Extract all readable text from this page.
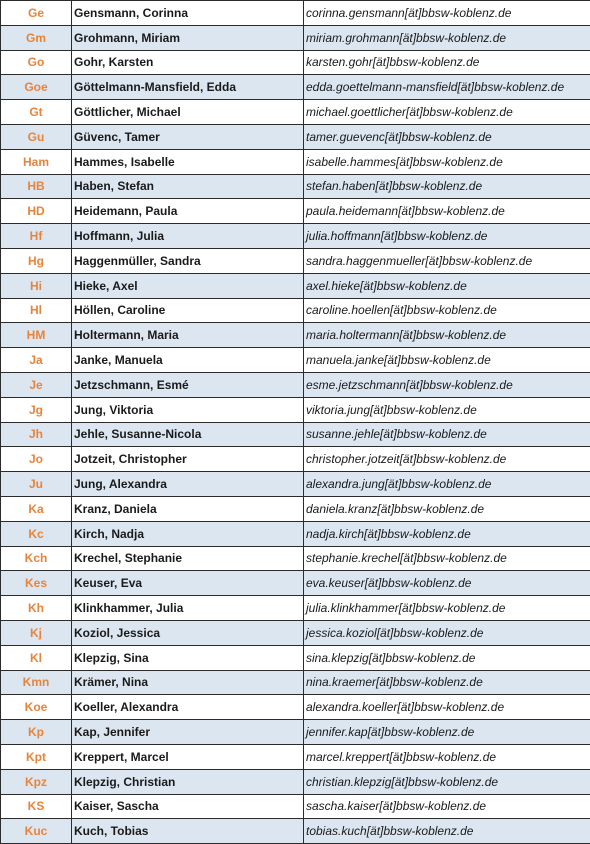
Ge	Gensmann, Corinna	corinna.gensmann[ät]bbsw-koblenz.de
Gm	Grohmann, Miriam	miriam.grohmann[ät]bbsw-koblenz.de
Go	Gohr, Karsten	karsten.gohr[ät]bbsw-koblenz.de
Goe	Göttelmann-Mansfield, Edda	edda.goettelmann-mansfield[ät]bbsw-koblenz.de
Gt	Göttlicher, Michael	michael.goettlicher[ät]bbsw-koblenz.de
Gu	Güvenc, Tamer	tamer.guevenc[ät]bbsw-koblenz.de
Ham	Hammes, Isabelle	isabelle.hammes[ät]bbsw-koblenz.de
HB	Haben, Stefan	stefan.haben[ät]bbsw-koblenz.de
HD	Heidemann, Paula	paula.heidemann[ät]bbsw-koblenz.de
Hf	Hoffmann, Julia	julia.hoffmann[ät]bbsw-koblenz.de
Hg	Haggenmüller, Sandra	sandra.haggenmueller[ät]bbsw-koblenz.de
Hi	Hieke, Axel	axel.hieke[ät]bbsw-koblenz.de
Hl	Höllen, Caroline	caroline.hoellen[ät]bbsw-koblenz.de
HM	Holtermann, Maria	maria.holtermann[ät]bbsw-koblenz.de
Ja	Janke, Manuela	manuela.janke[ät]bbsw-koblenz.de
Je	Jetzschmann, Esmé	esme.jetzschmann[ät]bbsw-koblenz.de
Jg	Jung, Viktoria	viktoria.jung[ät]bbsw-koblenz.de
Jh	Jehle, Susanne-Nicola	susanne.jehle[ät]bbsw-koblenz.de
Jo	Jotzeit, Christopher	christopher.jotzeit[ät]bbsw-koblenz.de
Ju	Jung, Alexandra	alexandra.jung[ät]bbsw-koblenz.de
Ka	Kranz, Daniela	daniela.kranz[ät]bbsw-koblenz.de
Kc	Kirch, Nadja	nadja.kirch[ät]bbsw-koblenz.de
Kch	Krechel, Stephanie	stephanie.krechel[ät]bbsw-koblenz.de
Kes	Keuser, Eva	eva.keuser[ät]bbsw-koblenz.de
Kh	Klinkhammer, Julia	julia.klinkhammer[ät]bbsw-koblenz.de
Kj	Koziol, Jessica	jessica.koziol[ät]bbsw-koblenz.de
Kl	Klepzig, Sina	sina.klepzig[ät]bbsw-koblenz.de
Kmn	Krämer, Nina	nina.kraemer[ät]bbsw-koblenz.de
Koe	Koeller, Alexandra	alexandra.koeller[ät]bbsw-koblenz.de
Kp	Kap, Jennifer	jennifer.kap[ät]bbsw-koblenz.de
Kpt	Kreppert, Marcel	marcel.kreppert[ät]bbsw-koblenz.de
Kpz	Klepzig, Christian	christian.klepzig[ät]bbsw-koblenz.de
KS	Kaiser, Sascha	sascha.kaiser[ät]bbsw-koblenz.de
Kuc	Kuch, Tobias	tobias.kuch[ät]bbsw-koblenz.de
